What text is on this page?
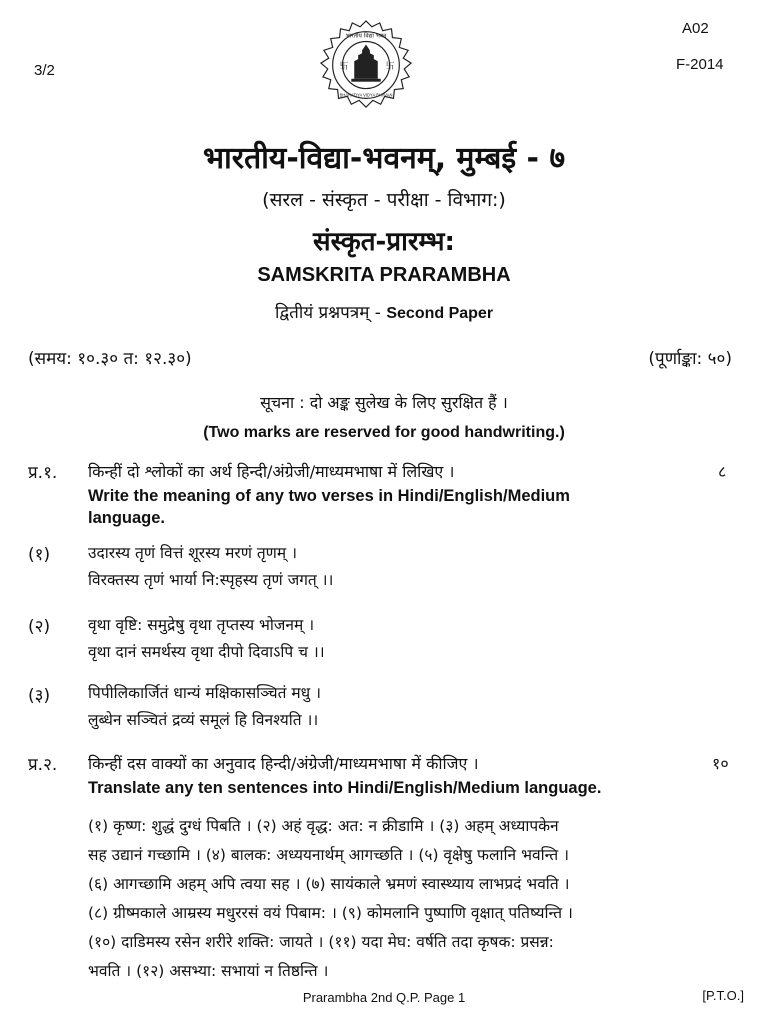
3/2
A02
F-2014
卐	卐
भारतीय विद्या भवन
BHARATIYA VIDYA BHAVAN
भारतीय-विद्या-भवनम्, मुम्बई - ७
(सरल - संस्कृत - परीक्षा - विभाग:)
संस्कृत-प्रारम्भ:
SAMSKRITA PRARAMBHA
द्वितीयं प्रश्नपत्रम् - Second Paper
(समय: १०.३० त: १२.३०)	(पूर्णाङ्का: ५०)
सूचना : दो अङ्क सुलेख के लिए सुरक्षित हैं ।
(Two marks are reserved for good handwriting.)
प्र.१. किन्हीं दो श्लोकों का अर्थ हिन्दी/अंग्रेजी/माध्यमभाषा में लिखिए ।	८
Write the meaning of any two verses in Hindi/English/Medium
language.
(१) उदारस्य तृणं वित्तं शूरस्य मरणं तृणम् ।
विरक्तस्य तृणं भार्या नि:स्पृहस्य तृणं जगत् ।।
(२) वृथा वृष्टि: समुद्रेषु वृथा तृप्तस्य भोजनम् ।
वृथा दानं समर्थस्य वृथा दीपो दिवाऽपि च ।।
(३) पिपीलिकार्जितं धान्यं मक्षिकासञ्चितं मधु ।
लुब्धेन सञ्चितं द्रव्यं समूलं हि विनश्यति ।।
प्र.२. किन्हीं दस वाक्यों का अनुवाद हिन्दी/अंग्रेजी/माध्यमभाषा में कीजिए ।	१०
Translate any ten sentences into Hindi/English/Medium language.
(१) कृष्ण: शुद्धं दुग्धं पिबति । (२) अहं वृद्ध: अत: न क्रीडामि । (३) अहम् अध्यापकेन
सह उद्यानं गच्छामि । (४) बालक: अध्ययनार्थम् आगच्छति । (५) वृक्षेषु फलानि भवन्ति ।
(६) आगच्छामि अहम् अपि त्वया सह । (७) सायंकाले भ्रमणं स्वास्थ्याय लाभप्रदं भवति ।
(८) ग्रीष्मकाले आम्रस्य मधुररसं वयं पिबाम: । (९) कोमलानि पुष्पाणि वृक्षात् पतिष्यन्ति ।
(१०) दाडिमस्य रसेन शरीरे शक्ति: जायते । (११) यदा मेघ: वर्षति तदा कृषक: प्रसन्न:
भवति । (१२) असभ्या: सभायां न तिष्ठन्ति ।
Prarambha 2nd Q.P. Page 1	[P.T.O.]
